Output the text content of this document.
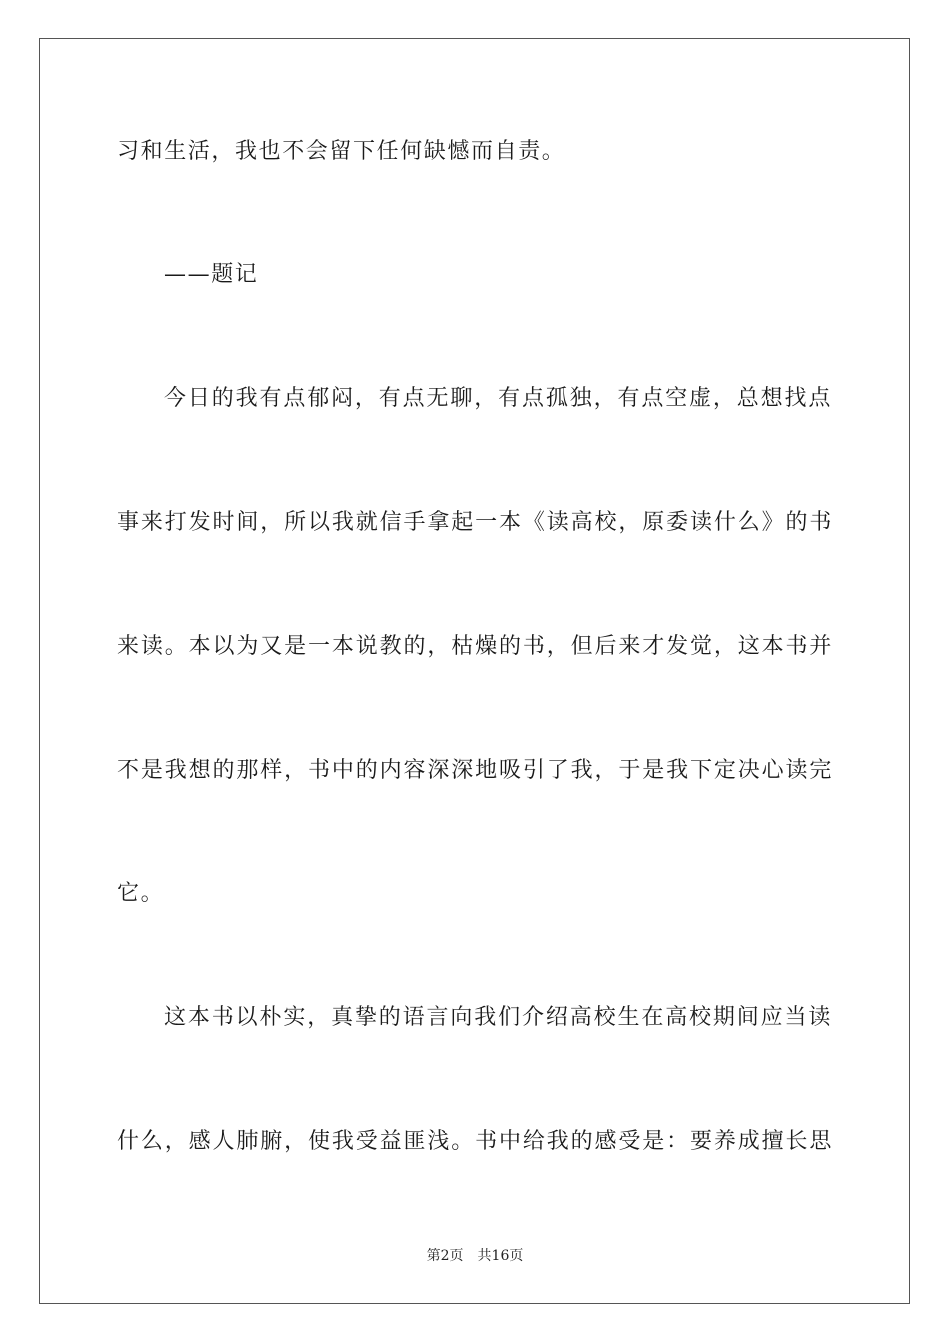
习和生活，我也不会留下任何缺憾而自责。
——题记
今日的我有点郁闷，有点无聊，有点孤独，有点空虚，总想找点
事来打发时间，所以我就信手拿起一本《读高校，原委读什么》的书
来读。本以为又是一本说教的，枯燥的书，但后来才发觉，这本书并
不是我想的那样，书中的内容深深地吸引了我，于是我下定决心读完
它。
这本书以朴实，真挚的语言向我们介绍高校生在高校期间应当读
什么，感人肺腑，使我受益匪浅。书中给我的感受是：要养成擅长思
第2页 共16页
